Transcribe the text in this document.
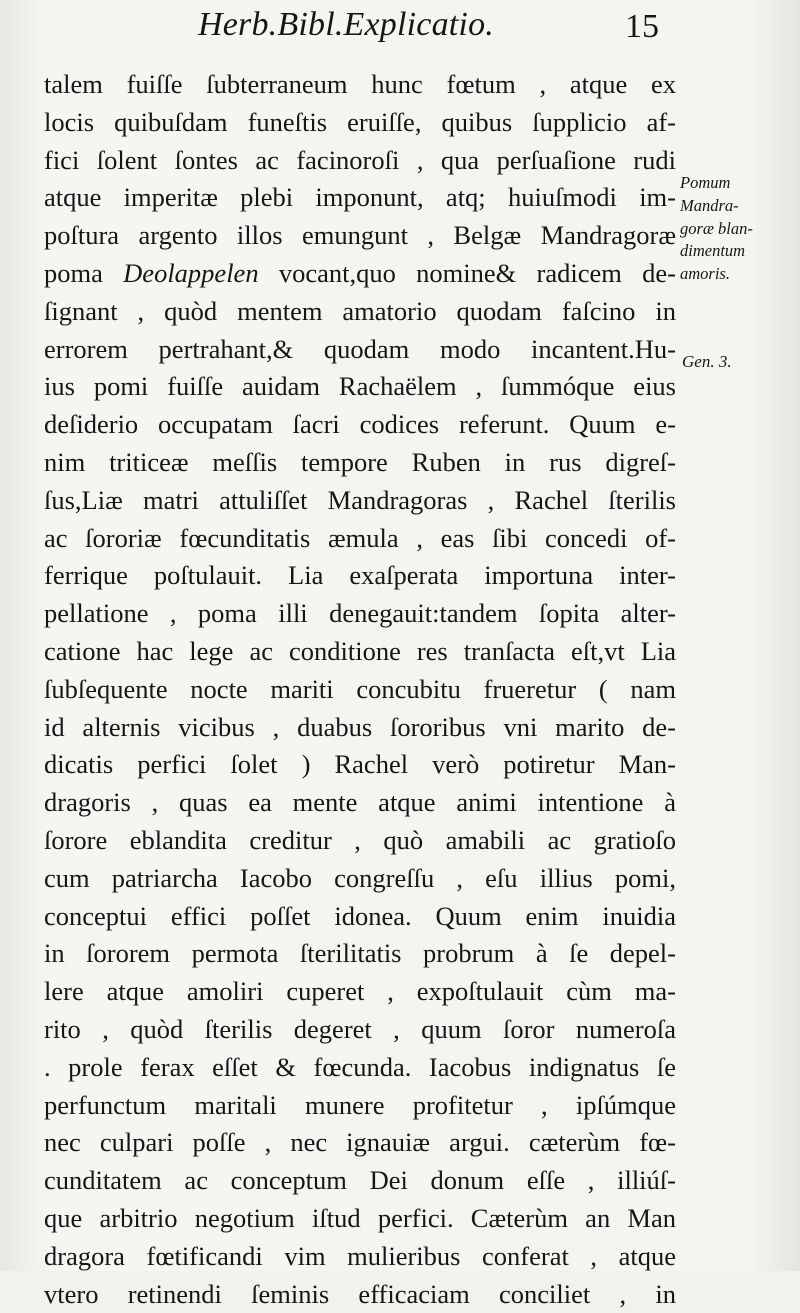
Herb.Bibl.Explicatio.	15
talem fuiſſe ſubterraneum hunc fœtum , atque ex
locis quibuſdam funeſtis eruiſſe, quibus ſupplicio af-
fici ſolent ſontes ac facinoroſi , qua perſuaſione rudi
atque imperitæ plebi imponunt, atq; huiuſmodi im-
poſtura argento illos emungunt , Belgæ Mandragoræ
poma Deolappelen vocant,quo nomine& radicem de-
ſignant , quòd mentem amatorio quodam faſcino in
errorem pertrahant,& quodam modo incantent.Hu-
ius pomi fuiſſe auidam Rachaëlem , ſummóque eius
deſiderio occupatam ſacri codices referunt. Quum e-
nim triticeæ meſſis tempore Ruben in rus digreſ-
ſus,Liæ matri attuliſſet Mandragoras , Rachel ſterilis
ac ſororiæ fœcunditatis æmula , eas ſibi concedi of-
ferrique poſtulauit. Lia exaſperata importuna inter-
pellatione , poma illi denegauit:tandem ſopita alter-
catione hac lege ac conditione res tranſacta eſt,vt Lia
ſubſequente nocte mariti concubitu frueretur ( nam
id alternis vicibus , duabus ſororibus vni marito de-
dicatis perfici ſolet ) Rachel verò potiretur Man-
dragoris , quas ea mente atque animi intentione à
ſorore eblandita creditur , quò amabili ac gratioſo
cum patriarcha Iacobo congreſſu , eſu illius pomi,
conceptui effici poſſet idonea. Quum enim inuidia
in ſororem permota ſterilitatis probrum à ſe depel-
lere atque amoliri cuperet , expoſtulauit cùm ma-
rito , quòd ſterilis degeret , quum ſoror numeroſa
. prole ferax eſſet & fœcunda. Iacobus indignatus ſe
perfunctum maritali munere profitetur , ipſúmque
nec culpari poſſe , nec ignauiæ argui. cæterùm fœ-
cunditatem ac conceptum Dei donum eſſe , illiúſ-
que arbitrio negotium iſtud perfici. Cæterùm an Man
dragora fœtificandi vim mulieribus conferat , atque
vtero retinendi ſeminis efficaciam conciliet , in
Pomum
Mandra-
goræ blan-
dimentum
amoris.
Gen. 3.
